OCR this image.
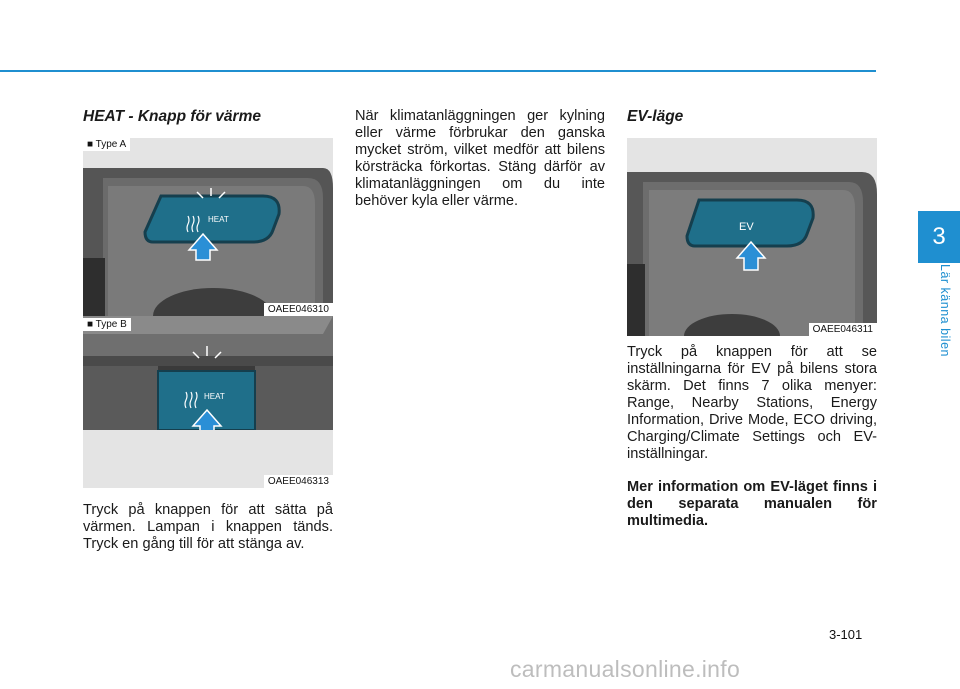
HEAT - Knapp för värme
HEAT
■ Type A
OAEE046310
HEAT
■ Type B
OAEE046313

Tryck på knappen för att sätta på värmen. Lampan i knappen tänds. Tryck en gång till för att stänga av.

När klimatanläggningen ger kylning eller värme förbrukar den ganska mycket ström, vilket medför att bilens körsträcka förkortas. Stäng därför av klimatanläggningen om du inte behöver kyla eller värme.

EV-läge
EV
OAEE046311

Tryck på knappen för att se inställningarna för EV på bilens stora skärm. Det finns 7 olika menyer: Range, Nearby Stations, Energy Information, Drive Mode, ECO driving, Charging/Climate Settings och EV-inställningar.

Mer information om EV-läget finns i den separata manualen för multimedia.

3
Lär känna bilen
3-101
carmanualsonline.info
